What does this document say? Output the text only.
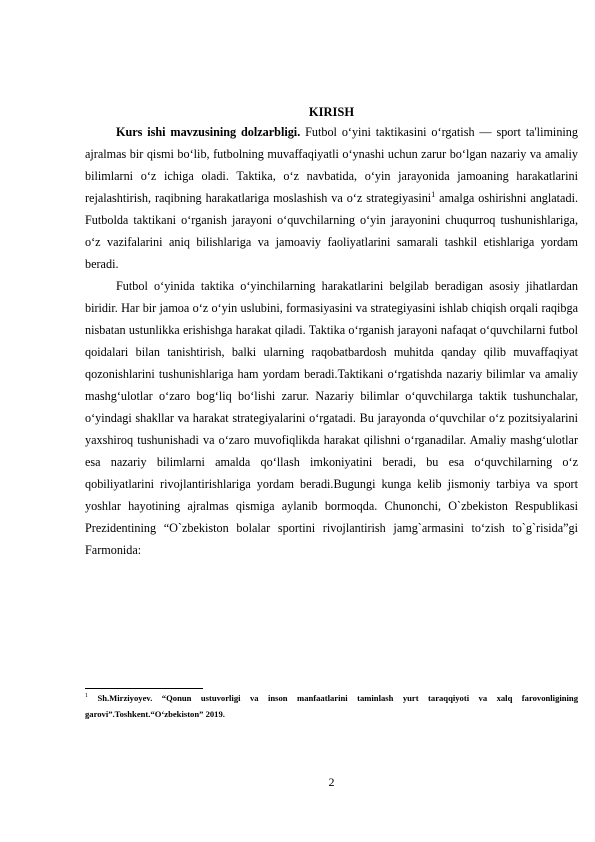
KIRISH

Kurs ishi mavzusining dolzarbligi. Futbol o‘yini taktikasini o‘rgatish — sport ta'limining ajralmas bir qismi bo‘lib, futbolning muvaffaqiyatli o‘ynashi uchun zarur bo‘lgan nazariy va amaliy bilimlarni o‘z ichiga oladi. Taktika, o‘z navbatida, o‘yin jarayonida jamoaning harakatlarini rejalashtirish, raqibning harakatlariga moslashish va o‘z strategiyasini$^1$ amalga oshirishni anglatadi. Futbolda taktikani o‘rganish jarayoni o‘quvchilarning o‘yin jarayonini chuqurroq tushunishlariga, o‘z vazifalarini aniq bilishlariga va jamoaviy faoliyatlarini samarali tashkil etishlariga yordam beradi.

Futbol o‘yinida taktika o‘yinchilarning harakatlarini belgilab beradigan asosiy jihatlardan biridir. Har bir jamoa o‘z o‘yin uslubini, formasiyasini va strategiyasini ishlab chiqish orqali raqibga nisbatan ustunlikka erishishga harakat qiladi. Taktika o‘rganish jarayoni nafaqat o‘quvchilarni futbol qoidalari bilan tanishtirish, balki ularning raqobatbardosh muhitda qanday qilib muvaffaqiyat qozonishlarini tushunishlariga ham yordam beradi.Taktikani o‘rgatishda nazariy bilimlar va amaliy mashg‘ulotlar o‘zaro bog‘liq bo‘lishi zarur. Nazariy bilimlar o‘quvchilarga taktik tushunchalar, o‘yindagi shakllar va harakat strategiyalarini o‘rgatadi. Bu jarayonda o‘quvchilar o‘z pozitsiyalarini yaxshiroq tushunishadi va o‘zaro muvofiqlikda harakat qilishni o‘rganadilar. Amaliy mashg‘ulotlar esa nazariy bilimlarni amalda qo‘llash imkoniyatini beradi, bu esa o‘quvchilarning o‘z qobiliyatlarini rivojlantirishlariga yordam beradi.Bugungi kunga kelib jismoniy tarbiya va sport yoshlar hayotining ajralmas qismiga aylanib bormoqda. Chunonchi, O`zbekiston Respublikasi Prezidentining “O`zbekiston bolalar sportini rivojlantirish jamg`armasini to‘zish to`g`risida”gi Farmonida:

$^1$ Sh.Mirziyoyev. “Qonun ustuvorligi va inson manfaatlarini taminlash yurt taraqqiyoti va xalq farovonligining garovi”.Toshkent.“O‘zbekiston” 2019.
2
